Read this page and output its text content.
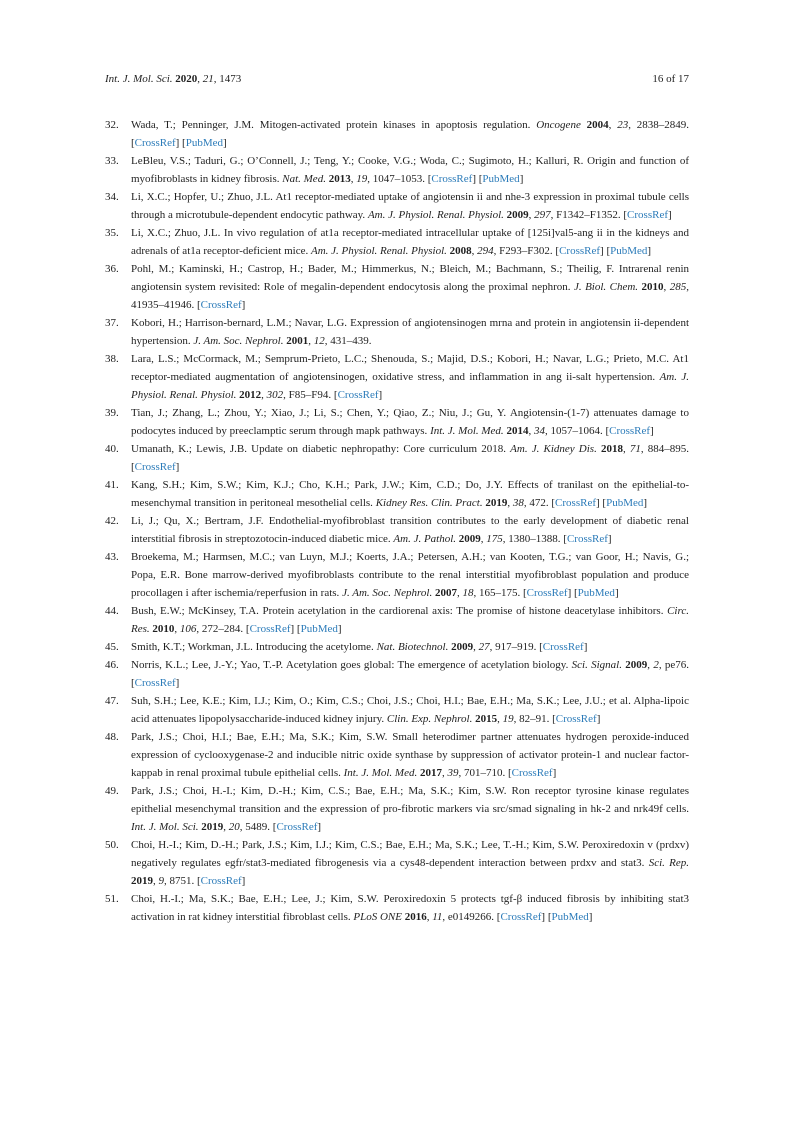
Int. J. Mol. Sci. 2020, 21, 1473	16 of 17
32.	Wada, T.; Penninger, J.M. Mitogen-activated protein kinases in apoptosis regulation. Oncogene 2004, 23, 2838–2849. [CrossRef] [PubMed]
33.	LeBleu, V.S.; Taduri, G.; O’Connell, J.; Teng, Y.; Cooke, V.G.; Woda, C.; Sugimoto, H.; Kalluri, R. Origin and function of myofibroblasts in kidney fibrosis. Nat. Med. 2013, 19, 1047–1053. [CrossRef] [PubMed]
34.	Li, X.C.; Hopfer, U.; Zhuo, J.L. At1 receptor-mediated uptake of angiotensin ii and nhe-3 expression in proximal tubule cells through a microtubule-dependent endocytic pathway. Am. J. Physiol. Renal. Physiol. 2009, 297, F1342–F1352. [CrossRef]
35.	Li, X.C.; Zhuo, J.L. In vivo regulation of at1a receptor-mediated intracellular uptake of [125i]val5-ang ii in the kidneys and adrenals of at1a receptor-deficient mice. Am. J. Physiol. Renal. Physiol. 2008, 294, F293–F302. [CrossRef] [PubMed]
36.	Pohl, M.; Kaminski, H.; Castrop, H.; Bader, M.; Himmerkus, N.; Bleich, M.; Bachmann, S.; Theilig, F. Intrarenal renin angiotensin system revisited: Role of megalin-dependent endocytosis along the proximal nephron. J. Biol. Chem. 2010, 285, 41935–41946. [CrossRef]
37.	Kobori, H.; Harrison-bernard, L.M.; Navar, L.G. Expression of angiotensinogen mrna and protein in angiotensin ii-dependent hypertension. J. Am. Soc. Nephrol. 2001, 12, 431–439.
38.	Lara, L.S.; McCormack, M.; Semprum-Prieto, L.C.; Shenouda, S.; Majid, D.S.; Kobori, H.; Navar, L.G.; Prieto, M.C. At1 receptor-mediated augmentation of angiotensinogen, oxidative stress, and inflammation in ang ii-salt hypertension. Am. J. Physiol. Renal. Physiol. 2012, 302, F85–F94. [CrossRef]
39.	Tian, J.; Zhang, L.; Zhou, Y.; Xiao, J.; Li, S.; Chen, Y.; Qiao, Z.; Niu, J.; Gu, Y. Angiotensin-(1-7) attenuates damage to podocytes induced by preeclamptic serum through mapk pathways. Int. J. Mol. Med. 2014, 34, 1057–1064. [CrossRef]
40.	Umanath, K.; Lewis, J.B. Update on diabetic nephropathy: Core curriculum 2018. Am. J. Kidney Dis. 2018, 71, 884–895. [CrossRef]
41.	Kang, S.H.; Kim, S.W.; Kim, K.J.; Cho, K.H.; Park, J.W.; Kim, C.D.; Do, J.Y. Effects of tranilast on the epithelial-to-mesenchymal transition in peritoneal mesothelial cells. Kidney Res. Clin. Pract. 2019, 38, 472. [CrossRef] [PubMed]
42.	Li, J.; Qu, X.; Bertram, J.F. Endothelial-myofibroblast transition contributes to the early development of diabetic renal interstitial fibrosis in streptozotocin-induced diabetic mice. Am. J. Pathol. 2009, 175, 1380–1388. [CrossRef]
43.	Broekema, M.; Harmsen, M.C.; van Luyn, M.J.; Koerts, J.A.; Petersen, A.H.; van Kooten, T.G.; van Goor, H.; Navis, G.; Popa, E.R. Bone marrow-derived myofibroblasts contribute to the renal interstitial myofibroblast population and produce procollagen i after ischemia/reperfusion in rats. J. Am. Soc. Nephrol. 2007, 18, 165–175. [CrossRef] [PubMed]
44.	Bush, E.W.; McKinsey, T.A. Protein acetylation in the cardiorenal axis: The promise of histone deacetylase inhibitors. Circ. Res. 2010, 106, 272–284. [CrossRef] [PubMed]
45.	Smith, K.T.; Workman, J.L. Introducing the acetylome. Nat. Biotechnol. 2009, 27, 917–919. [CrossRef]
46.	Norris, K.L.; Lee, J.-Y.; Yao, T.-P. Acetylation goes global: The emergence of acetylation biology. Sci. Signal. 2009, 2, pe76. [CrossRef]
47.	Suh, S.H.; Lee, K.E.; Kim, I.J.; Kim, O.; Kim, C.S.; Choi, J.S.; Choi, H.I.; Bae, E.H.; Ma, S.K.; Lee, J.U.; et al. Alpha-lipoic acid attenuates lipopolysaccharide-induced kidney injury. Clin. Exp. Nephrol. 2015, 19, 82–91. [CrossRef]
48.	Park, J.S.; Choi, H.I.; Bae, E.H.; Ma, S.K.; Kim, S.W. Small heterodimer partner attenuates hydrogen peroxide-induced expression of cyclooxygenase-2 and inducible nitric oxide synthase by suppression of activator protein-1 and nuclear factor-kappab in renal proximal tubule epithelial cells. Int. J. Mol. Med. 2017, 39, 701–710. [CrossRef]
49.	Park, J.S.; Choi, H.-I.; Kim, D.-H.; Kim, C.S.; Bae, E.H.; Ma, S.K.; Kim, S.W. Ron receptor tyrosine kinase regulates epithelial mesenchymal transition and the expression of pro-fibrotic markers via src/smad signaling in hk-2 and nrk49f cells. Int. J. Mol. Sci. 2019, 20, 5489. [CrossRef]
50.	Choi, H.-I.; Kim, D.-H.; Park, J.S.; Kim, I.J.; Kim, C.S.; Bae, E.H.; Ma, S.K.; Lee, T.-H.; Kim, S.W. Peroxiredoxin v (prdxv) negatively regulates egfr/stat3-mediated fibrogenesis via a cys48-dependent interaction between prdxv and stat3. Sci. Rep. 2019, 9, 8751. [CrossRef]
51.	Choi, H.-I.; Ma, S.K.; Bae, E.H.; Lee, J.; Kim, S.W. Peroxiredoxin 5 protects tgf-β induced fibrosis by inhibiting stat3 activation in rat kidney interstitial fibroblast cells. PLoS ONE 2016, 11, e0149266. [CrossRef] [PubMed]
